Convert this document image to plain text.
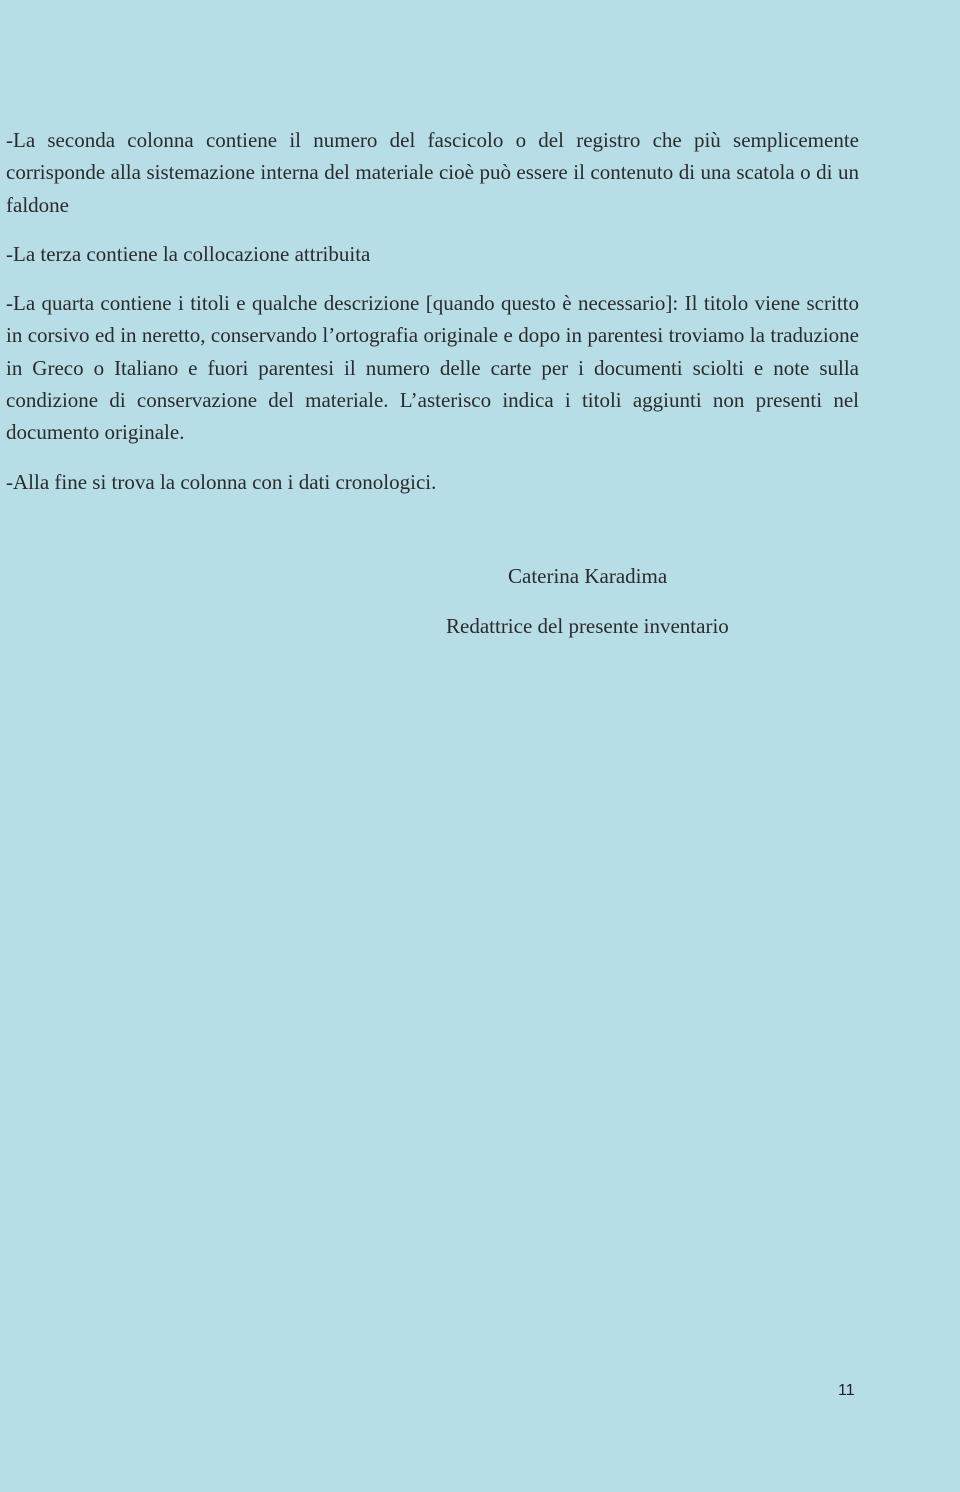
-La seconda colonna contiene il numero del fascicolo o del registro che più semplicemente corrisponde alla sistemazione interna del materiale cioè può essere il contenuto di una scatola o di un faldone

-La terza contiene la collocazione attribuita

-La quarta contiene i titoli e qualche descrizione [quando questo è necessario]: Il titolo viene scritto in corsivo ed in neretto, conservando l’ortografia originale e dopo in parentesi troviamo la traduzione in Greco o Italiano e fuori parentesi il numero delle carte per i documenti sciolti e note sulla condizione di conservazione del materiale. L’asterisco indica i titoli aggiunti non presenti nel documento originale.

-Alla fine si trova la colonna con i dati cronologici.

Caterina Karadima
Redattrice del presente inventario
11
